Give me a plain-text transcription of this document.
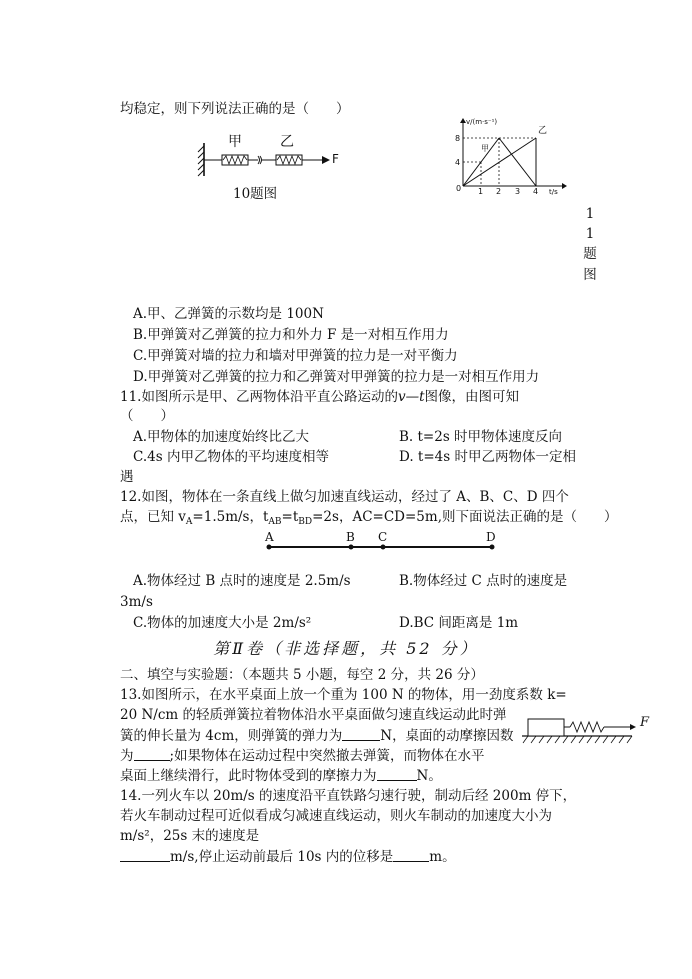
均稳定，则下列说法正确的是（　　）
甲	乙
F
10题图
v/(m·s⁻¹)
8
4
0 1 2 3 4 t/s
甲
乙
1
1
题
图
A.甲、乙弹簧的示数均是 100N
B.甲弹簧对乙弹簧的拉力和外力 F 是一对相互作用力
C.甲弹簧对墙的拉力和墙对甲弹簧的拉力是一对平衡力
D.甲弹簧对乙弹簧的拉力和乙弹簧对甲弹簧的拉力是一对相互作用力
11.如图所示是甲、乙两物体沿平直公路运动的v—t图像，由图可知
（　　）
A.甲物体的加速度始终比乙大	B. t=2s 时甲物体速度反向
C.4s 内甲乙物体的平均速度相等	D. t=4s 时甲乙两物体一定相
遇
12.如图，物体在一条直线上做匀加速直线运动，经过了 A、B、C、D 四个
点，已知 $v_A=1.5m/s$，$t_{AB}=t_{BD}=2s$，AC=CD=5m,则下面说法正确的是（　　）
A	B C	D
A.物体经过 B 点时的速度是 2.5m/s	B.物体经过 C 点时的速度是
3m/s
C.物体的加速度大小是 2m/s²	D.BC 间距离是 1m
第Ⅱ卷（非选择题，共 52 分）
二、填空与实验题：（本题共 5 小题，每空 2 分，共 26 分）
13.如图所示，在水平桌面上放一个重为 100 N 的物体，用一劲度系数 k=
20 N/cm 的轻质弹簧拉着物体沿水平桌面做匀速直线运动此时弹
簧的伸长量为 4cm，则弹簧的弹力为	N，桌面的动摩擦因数
为	;如果物体在运动过程中突然撤去弹簧，而物体在水平
桌面上继续滑行，此时物体受到的摩擦力为	N。
F
14.一列火车以 20m/s 的速度沿平直铁路匀速行驶，制动后经 200m 停下，
若火车制动过程可近似看成匀减速直线运动，则火车制动的加速度大小为
m/s²，25s 末的速度是
m/s,停止运动前最后 10s 内的位移是	m。
